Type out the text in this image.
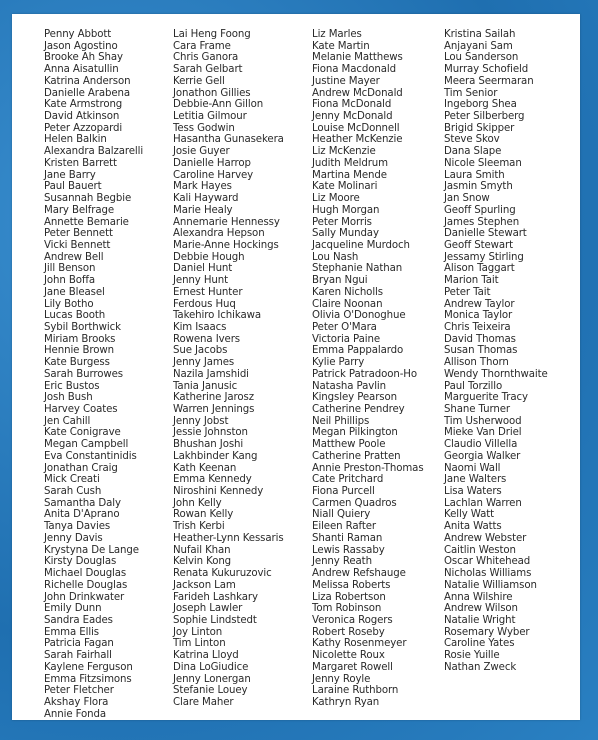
Penny Abbott
Jason Agostino
Brooke Ah Shay
Anna Aisatullin
Katrina Anderson
Danielle Arabena
Kate Armstrong
David Atkinson
Peter Azzopardi
Helen Balkin
Alexandra Balzarelli
Kristen Barrett
Jane Barry
Paul Bauert
Susannah Begbie
Mary Belfrage
Annette Bemarie
Peter Bennett
Vicki Bennett
Andrew Bell
Jill Benson
John Boffa
Jane Bleasel
Lily Botho
Lucas Booth
Sybil Borthwick
Miriam Brooks
Hennie Brown
Kate Burgess
Sarah Burrowes
Eric Bustos
Josh Bush
Harvey Coates
Jen Cahill
Kate Conigrave
Megan Campbell
Eva Constantinidis
Jonathan Craig
Mick Creati
Sarah Cush
Samantha Daly
Anita D'Aprano
Tanya Davies
Jenny Davis
Krystyna De Lange
Kirsty Douglas
Michael Douglas
Richelle Douglas
John Drinkwater
Emily Dunn
Sandra Eades
Emma Ellis
Patricia Fagan
Sarah Fairhall
Kaylene Ferguson
Emma Fitzsimons
Peter Fletcher
Akshay Flora
Annie Fonda
Lai Heng Foong
Cara Frame
Chris Ganora
Sarah Gelbart
Kerrie Gell
Jonathon Gillies
Debbie-Ann Gillon
Letitia Gilmour
Tess Godwin
Hasantha Gunasekera
Josie Guyer
Danielle Harrop
Caroline Harvey
Mark Hayes
Kali Hayward
Marie Healy
Annemarie Hennessy
Alexandra Hepson
Marie-Anne Hockings
Debbie Hough
Daniel Hunt
Jenny Hunt
Ernest Hunter
Ferdous Huq
Takehiro Ichikawa
Kim Isaacs
Rowena Ivers
Sue Jacobs
Jenny James
Nazila Jamshidi
Tania Janusic
Katherine Jarosz
Warren Jennings
Jenny Jobst
Jessie Johnston
Bhushan Joshi
Lakhbinder Kang
Kath Keenan
Emma Kennedy
Niroshini Kennedy
John Kelly
Rowan Kelly
Trish Kerbi
Heather-Lynn Kessaris
Nufail Khan
Kelvin Kong
Renata Kukuruzovic
Jackson Lam
Farideh Lashkary
Joseph Lawler
Sophie Lindstedt
Joy Linton
Tim Linton
Katrina Lloyd
Dina LoGiudice
Jenny Lonergan
Stefanie Louey
Clare Maher
Liz Marles
Kate Martin
Melanie Matthews
Fiona Macdonald
Justine Mayer
Andrew McDonald
Fiona McDonald
Jenny McDonald
Louise McDonnell
Heather McKenzie
Liz McKenzie
Judith Meldrum
Martina Mende
Kate Molinari
Liz Moore
Hugh Morgan
Peter Morris
Sally Munday
Jacqueline Murdoch
Lou Nash
Stephanie Nathan
Bryan Ngui
Karen Nicholls
Claire Noonan
Olivia O'Donoghue
Peter O'Mara
Victoria Paine
Emma Pappalardo
Kylie Parry
Patrick Patradoon-Ho
Natasha Pavlin
Kingsley Pearson
Catherine Pendrey
Neil Phillips
Megan Pilkington
Matthew Poole
Catherine Pratten
Annie Preston-Thomas
Cate Pritchard
Fiona Purcell
Carmen Quadros
Niall Quiery
Eileen Rafter
Shanti Raman
Lewis Rassaby
Jenny Reath
Andrew Refshauge
Melissa Roberts
Liza Robertson
Tom Robinson
Veronica Rogers
Robert Roseby
Kathy Rosenmeyer
Nicolette Roux
Margaret Rowell
Jenny Royle
Laraine Ruthborn
Kathryn Ryan
Kristina Sailah
Anjayani Sam
Lou Sanderson
Murray Schofield
Meera Seermaran
Tim Senior
Ingeborg Shea
Peter Silberberg
Brigid Skipper
Steve Skov
Dana Slape
Nicole Sleeman
Laura Smith
Jasmin Smyth
Jan Snow
Geoff Spurling
James Stephen
Danielle Stewart
Geoff Stewart
Jessamy Stirling
Alison Taggart
Marion Tait
Peter Tait
Andrew Taylor
Monica Taylor
Chris Teixeira
David Thomas
Susan Thomas
Allison Thorn
Wendy Thornthwaite
Paul Torzillo
Marguerite Tracy
Shane Turner
Tim Usherwood
Mieke Van Driel
Claudio Villella
Georgia Walker
Naomi Wall
Jane Walters
Lisa Waters
Lachlan Warren
Kelly Watt
Anita Watts
Andrew Webster
Caitlin Weston
Oscar Whitehead
Nicholas Williams
Natalie Williamson
Anna Wilshire
Andrew Wilson
Natalie Wright
Rosemary Wyber
Caroline Yates
Rosie Yuille
Nathan Zweck
